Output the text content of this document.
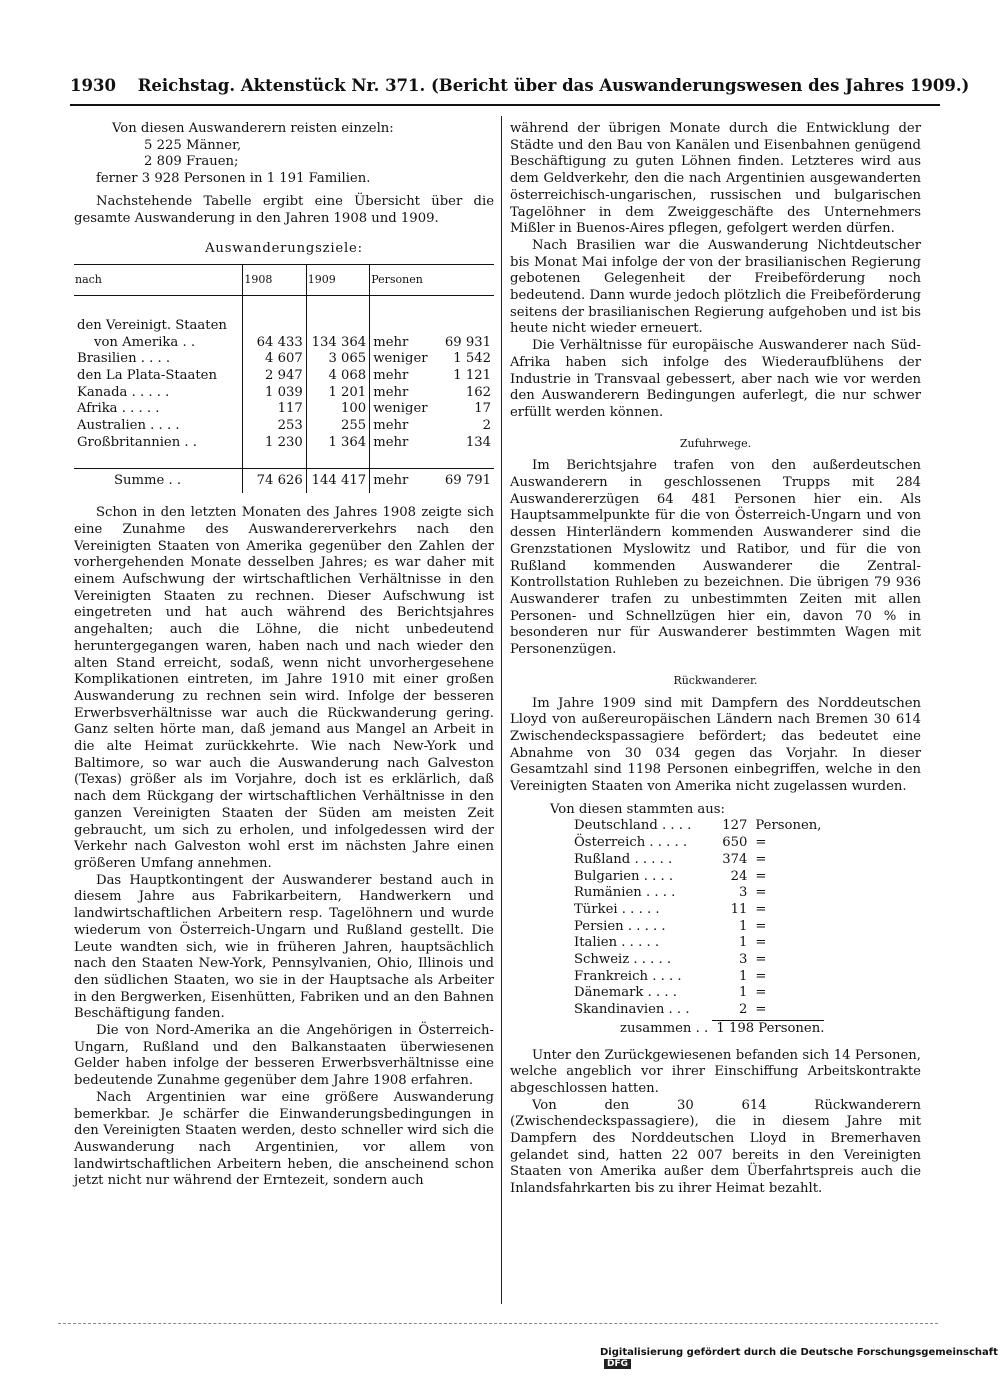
1930 Reichstag. Aktenstück Nr. 371. (Bericht über das Auswanderungswesen des Jahres 1909.)

Von diesen Auswanderern reisten einzeln:

5 225 Männer,

2 809 Frauen;

ferner 3 928 Personen in 1 191 Familien.

Nachstehende Tabelle ergibt eine Übersicht über die gesamte Auswanderung in den Jahren 1908 und 1909.

Auswanderungsziele:

nach	1908	1909	Personen	

den Vereinigt. Staaten				
von Amerika . .	64 433	134 364	mehr	69 931
Brasilien . . . .	4 607	3 065	weniger	1 542
den La Plata-Staaten	2 947	4 068	mehr	1 121
Kanada . . . . .	1 039	1 201	mehr	162
Afrika . . . . .	117	100	weniger	17
Australien . . . .	253	255	mehr	2
Großbritannien . .	1 230	1 364	mehr	134

Summe . .	74 626	144 417	mehr	69 791

Schon in den letzten Monaten des Jahres 1908 zeigte sich eine Zunahme des Auswandererverkehrs nach den Vereinigten Staaten von Amerika gegenüber den Zahlen der vorhergehenden Monate desselben Jahres; es war daher mit einem Aufschwung der wirtschaftlichen Verhältnisse in den Vereinigten Staaten zu rechnen. Dieser Aufschwung ist eingetreten und hat auch während des Berichtsjahres angehalten; auch die Löhne, die nicht unbedeutend heruntergegangen waren, haben nach und nach wieder den alten Stand erreicht, sodaß, wenn nicht unvorhergesehene Komplikationen eintreten, im Jahre 1910 mit einer großen Auswanderung zu rechnen sein wird. Infolge der besseren Erwerbsverhältnisse war auch die Rückwanderung gering. Ganz selten hörte man, daß jemand aus Mangel an Arbeit in die alte Heimat zurückkehrte. Wie nach New-York und Baltimore, so war auch die Auswanderung nach Galveston (Texas) größer als im Vorjahre, doch ist es erklärlich, daß nach dem Rückgang der wirtschaftlichen Verhältnisse in den ganzen Vereinigten Staaten der Süden am meisten Zeit gebraucht, um sich zu erholen, und infolgedessen wird der Verkehr nach Galveston wohl erst im nächsten Jahre einen größeren Umfang annehmen.

Das Hauptkontingent der Auswanderer bestand auch in diesem Jahre aus Fabrikarbeitern, Handwerkern und landwirtschaftlichen Arbeitern resp. Tagelöhnern und wurde wiederum von Österreich-Ungarn und Rußland gestellt. Die Leute wandten sich, wie in früheren Jahren, hauptsächlich nach den Staaten New-York, Pennsylvanien, Ohio, Illinois und den südlichen Staaten, wo sie in der Hauptsache als Arbeiter in den Bergwerken, Eisenhütten, Fabriken und an den Bahnen Beschäftigung fanden.

Die von Nord-Amerika an die Angehörigen in Österreich-Ungarn, Rußland und den Balkanstaaten überwiesenen Gelder haben infolge der besseren Erwerbsverhältnisse eine bedeutende Zunahme gegenüber dem Jahre 1908 erfahren.

Nach Argentinien war eine größere Auswanderung bemerkbar. Je schärfer die Einwanderungsbedingungen in den Vereinigten Staaten werden, desto schneller wird sich die Auswanderung nach Argentinien, vor allem von landwirtschaftlichen Arbeitern heben, die anscheinend schon jetzt nicht nur während der Erntezeit, sondern auch

während der übrigen Monate durch die Entwicklung der Städte und den Bau von Kanälen und Eisenbahnen genügend Beschäftigung zu guten Löhnen finden. Letzteres wird aus dem Geldverkehr, den die nach Argentinien ausgewanderten österreichisch-ungarischen, russischen und bulgarischen Tagelöhner in dem Zweiggeschäfte des Unternehmers Mißler in Buenos-Aires pflegen, gefolgert werden dürfen.

Nach Brasilien war die Auswanderung Nichtdeutscher bis Monat Mai infolge der von der brasilianischen Regierung gebotenen Gelegenheit der Freibeförderung noch bedeutend. Dann wurde jedoch plötzlich die Freibeförderung seitens der brasilianischen Regierung aufgehoben und ist bis heute nicht wieder erneuert.

Die Verhältnisse für europäische Auswanderer nach Süd-Afrika haben sich infolge des Wiederaufblühens der Industrie in Transvaal gebessert, aber nach wie vor werden den Auswanderern Bedingungen auferlegt, die nur schwer erfüllt werden können.

Zufuhrwege.

Im Berichtsjahre trafen von den außerdeutschen Auswanderern in geschlossenen Trupps mit 284 Auswandererzügen 64 481 Personen hier ein. Als Hauptsammelpunkte für die von Österreich-Ungarn und von dessen Hinterländern kommenden Auswanderer sind die Grenzstationen Myslowitz und Ratibor, und für die von Rußland kommenden Auswanderer die Zentral-Kontrollstation Ruhleben zu bezeichnen. Die übrigen 79 936 Auswanderer trafen zu unbestimmten Zeiten mit allen Personen- und Schnellzügen hier ein, davon 70 % in besonderen nur für Auswanderer bestimmten Wagen mit Personenzügen.

Rückwanderer.

Im Jahre 1909 sind mit Dampfern des Norddeutschen Lloyd von außereuropäischen Ländern nach Bremen 30 614 Zwischendeckspassagiere befördert; das bedeutet eine Abnahme von 30 034 gegen das Vorjahr. In dieser Gesamtzahl sind 1198 Personen einbegriffen, welche in den Vereinigten Staaten von Amerika nicht zugelassen wurden.

Von diesen stammten aus:

Deutschland . . . .	127	Personen,
Österreich . . . . .	650	=
Rußland . . . . .	374	=
Bulgarien . . . .	24	=
Rumänien . . . .	3	=
Türkei . . . . .	11	=
Persien . . . . .	1	=
Italien . . . . .	1	=
Schweiz . . . . .	3	=
Frankreich . . . .	1	=
Dänemark . . . .	1	=
Skandinavien . . .	2	=

zusammen . . 1 198 Personen.

Unter den Zurückgewiesenen befanden sich 14 Personen, welche angeblich vor ihrer Einschiffung Arbeitskontrakte abgeschlossen hatten.

Von den 30 614 Rückwanderern (Zwischendeckspassagiere), die in diesem Jahre mit Dampfern des Norddeutschen Lloyd in Bremerhaven gelandet sind, hatten 22 007 bereits in den Vereinigten Staaten von Amerika außer dem Überfahrtspreis auch die Inlandsfahrkarten bis zu ihrer Heimat bezahlt.

Digitalisierung gefördert durch die Deutsche Forschungsgemeinschaft DFG
